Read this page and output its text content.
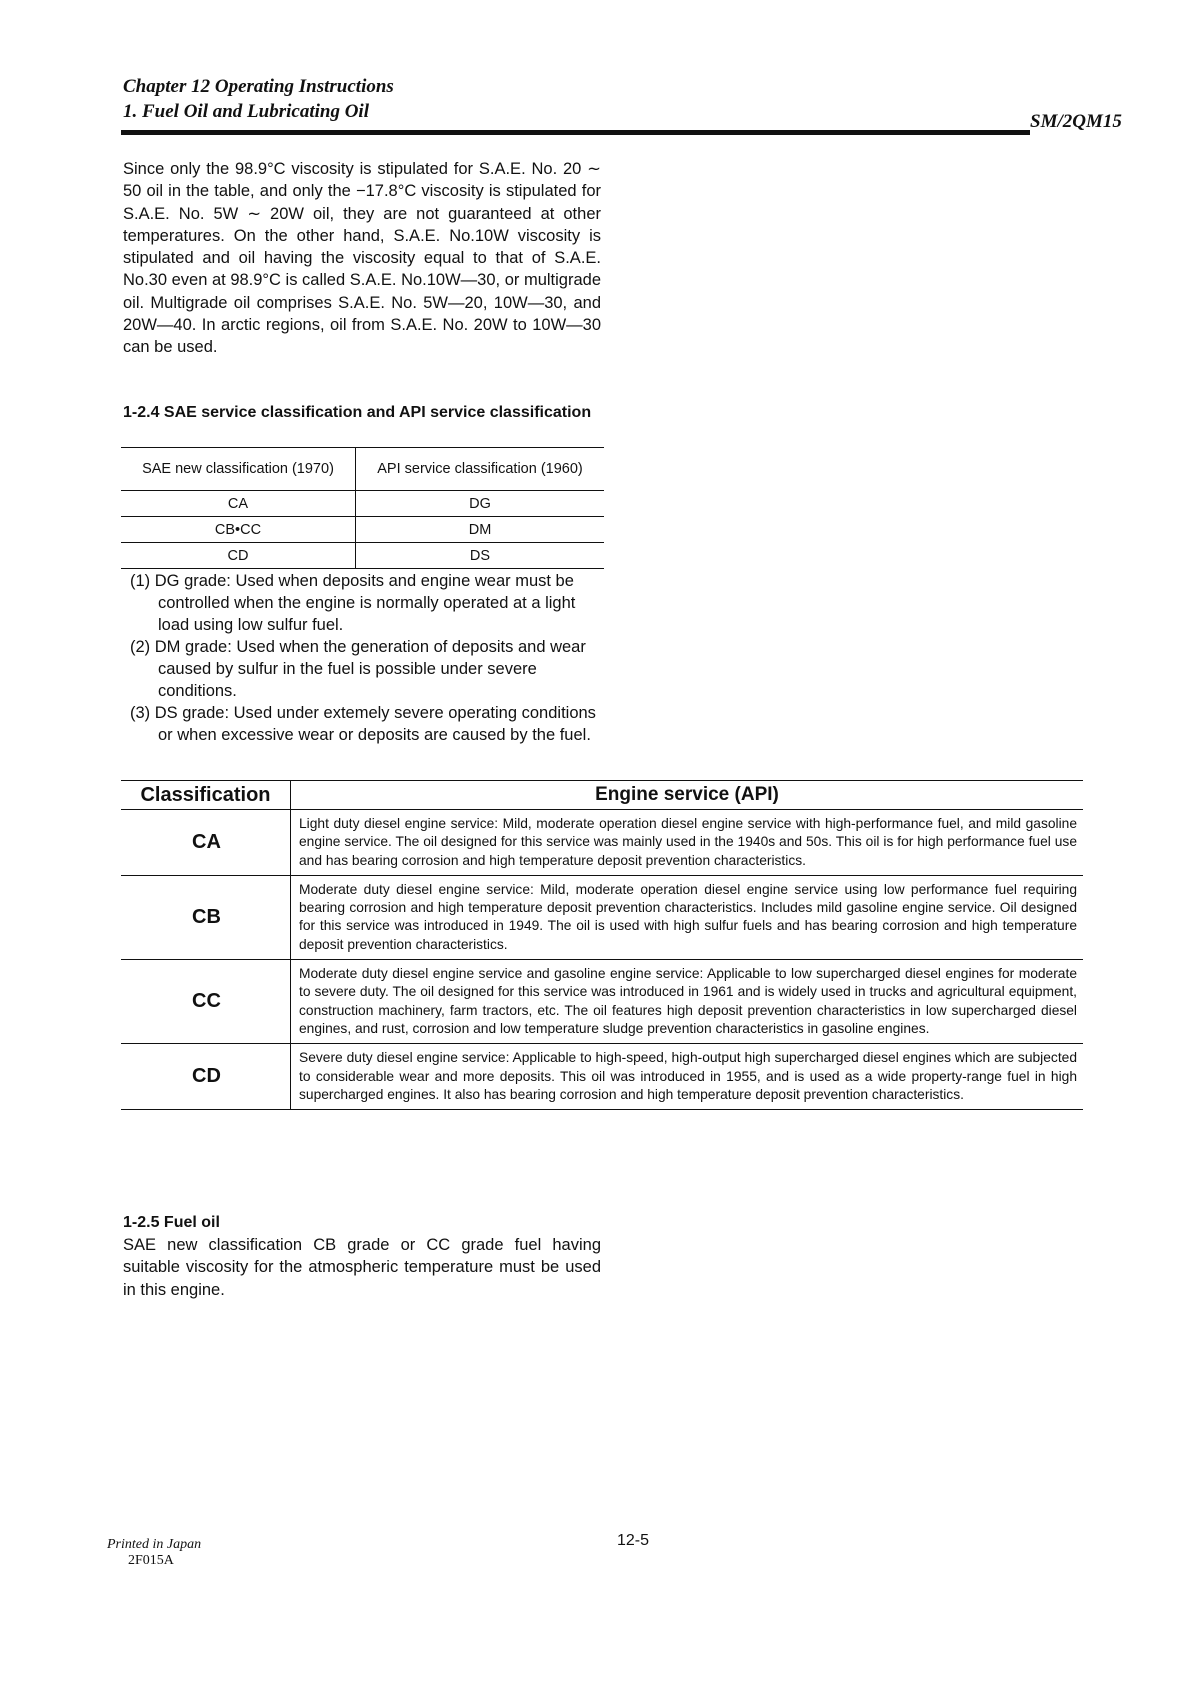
Chapter 12 Operating Instructions
1. Fuel Oil and Lubricating Oil	SM/2QM15

Since only the 98.9°C viscosity is stipulated for S.A.E. No. 20 ∼ 50 oil in the table, and only the −17.8°C viscosity is stipulated for S.A.E. No. 5W ∼ 20W oil, they are not guaranteed at other temperatures. On the other hand, S.A.E. No.10W viscosity is stipulated and oil having the viscosity equal to that of S.A.E. No.30 even at 98.9°C is called S.A.E. No.10W—30, or multigrade oil. Multigrade oil comprises S.A.E. No. 5W—20, 10W—30, and 20W—40. In arctic regions, oil from S.A.E. No. 20W to 10W—30 can be used.

1-2.4 SAE service classification and API service classification
SAE new classification (1970)	API service classification (1960)
CA	DG
CB•CC	DM
CD	DS
(1) DG grade: Used when deposits and engine wear must be controlled when the engine is normally operated at a light load using low sulfur fuel.
(2) DM grade: Used when the generation of deposits and wear caused by sulfur in the fuel is possible under severe conditions.
(3) DS grade: Used under extemely severe operating conditions or when excessive wear or deposits are caused by the fuel.
Classification	Engine service (API)
CA	Light duty diesel engine service: Mild, moderate operation diesel engine service with high-performance fuel, and mild gasoline engine service. The oil designed for this service was mainly used in the 1940s and 50s. This oil is for high performance fuel use and has bearing corrosion and high temperature deposit prevention characteristics.
CB	Moderate duty diesel engine service: Mild, moderate operation diesel engine service using low performance fuel requiring bearing corrosion and high temperature deposit prevention characteristics. Includes mild gasoline engine service. Oil designed for this service was introduced in 1949. The oil is used with high sulfur fuels and has bearing corrosion and high temperature deposit prevention characteristics.
CC	Moderate duty diesel engine service and gasoline engine service: Applicable to low supercharged diesel engines for moderate to severe duty. The oil designed for this service was introduced in 1961 and is widely used in trucks and agricultural equipment, construction machinery, farm tractors, etc. The oil features high deposit prevention characteristics in low supercharged diesel engines, and rust, corrosion and low temperature sludge prevention characteristics in gasoline engines.
CD	Severe duty diesel engine service: Applicable to high-speed, high-output high supercharged diesel engines which are subjected to considerable wear and more deposits. This oil was introduced in 1955, and is used as a wide property-range fuel in high supercharged engines. It also has bearing corrosion and high temperature deposit prevention characteristics.
1-2.5 Fuel oil

SAE new classification CB grade or CC grade fuel having suitable viscosity for the atmospheric temperature must be used in this engine.

Printed in Japan
2F015A
12-5
